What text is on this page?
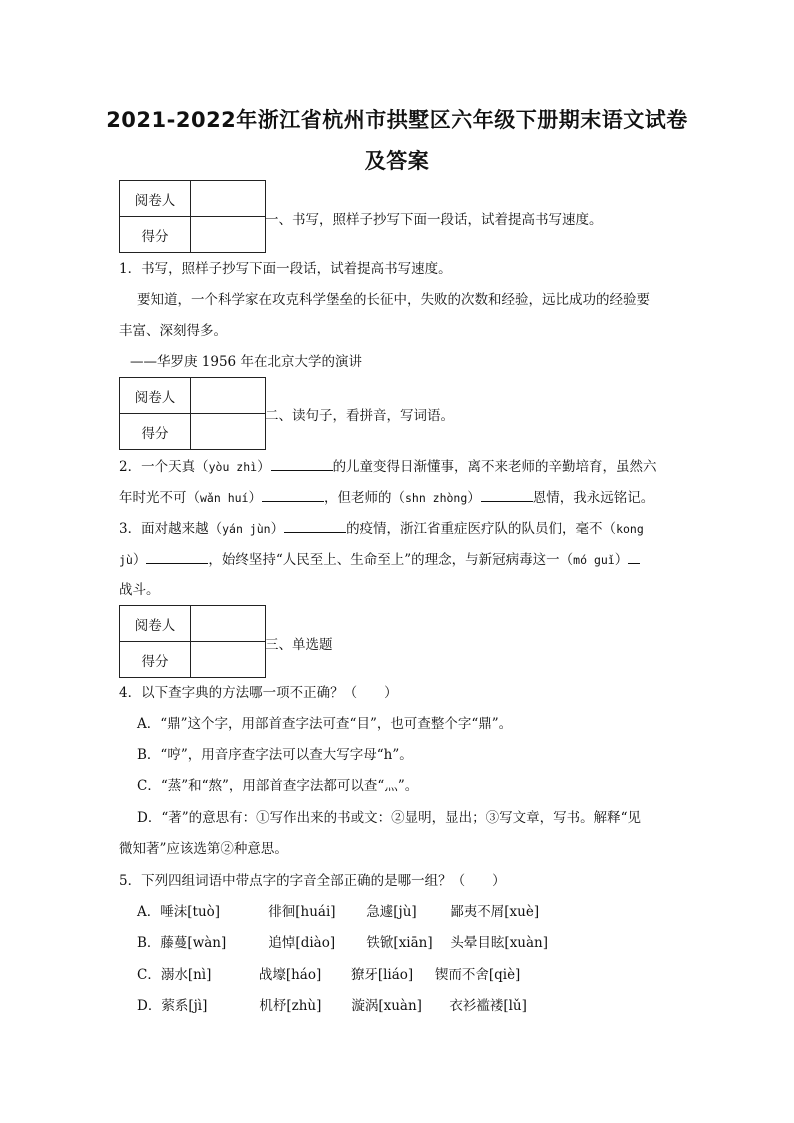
2021-2022年浙江省杭州市拱墅区六年级下册期末语文试卷
及答案
阅卷人	
得分	
一、书写，照样子抄写下面一段话，试着提高书写速度。
1．书写，照样子抄写下面一段话，试着提高书写速度。
要知道，一个科学家在攻克科学堡垒的长征中，失败的次数和经验，远比成功的经验要
丰富、深刻得多。
——华罗庚 1956 年在北京大学的演讲
阅卷人	
得分	
二、读句子，看拼音，写词语。
2．一个天真（yòu zhì）	的儿童变得日渐懂事，离不来老师的辛勤培育，虽然六
年时光不可（wǎn huí）	，但老师的（shn zhòng）	恩情，我永远铭记。
3．面对越来越（yán jùn）	的疫情，浙江省重症医疗队的队员们，毫不（kong
jù）	，始终坚持“人民至上、生命至上”的理念，与新冠病毒这一（mó guǐ）
战斗。
阅卷人	
得分	
三、单选题
4．以下查字典的方法哪一项不正确？（　　）
A．“鼎”这个字，用部首查字法可查“目”，也可查整个字“鼎”。
B．“哼”，用音序查字法可以查大写字母“h”。
C．“蒸”和“熬”，用部首查字法都可以查“灬”。
D．“著”的意思有：①写作出来的书或文：②显明，显出；③写文章，写书。解释“见
微知著”应该选第②种意思。
5．下列四组词语中带点字的字音全部正确的是哪一组？（　　）
A．唾沫[tuò]	徘徊[huái] 急遽[jù] 鄙夷不屑[xuè]
B．藤蔓[wàn]	追悼[diào] 铁锨[xiān] 头晕目眩[xuàn]
C．溺水[nì]	战壕[háo] 獠牙[liáo] 锲而不舍[qiè]
D．萦系[jì]	机杼[zhù] 漩涡[xuàn] 衣衫褴褛[lǔ]
